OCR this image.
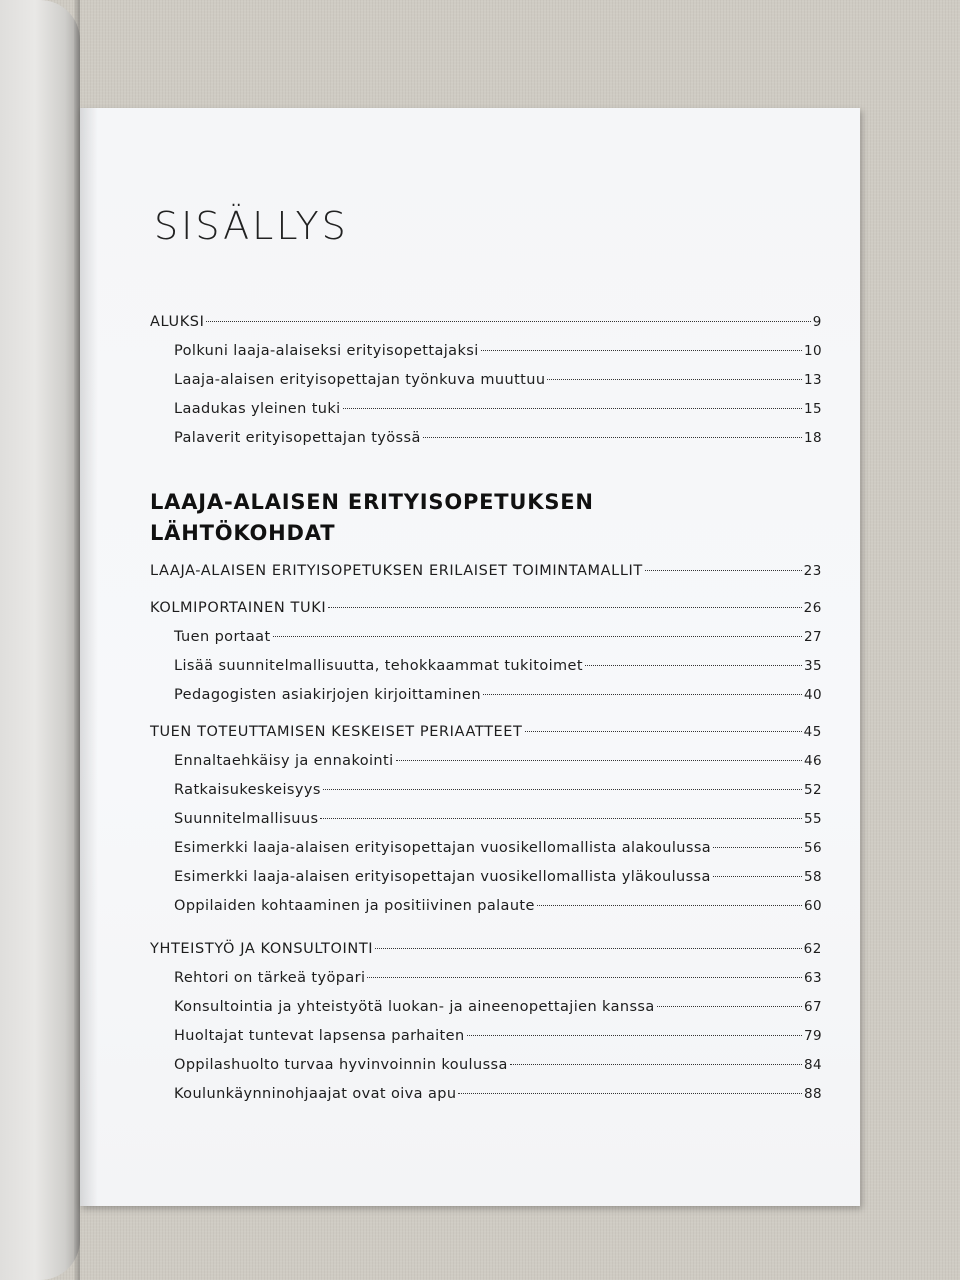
SISÄLLYS
ALUKSI	9
Polkuni laaja-alaiseksi erityisopettajaksi	10
Laaja-alaisen erityisopettajan työnkuva muuttuu	13
Laadukas yleinen tuki	15
Palaverit erityisopettajan työssä	18
LAAJA-ALAISEN ERITYISOPETUKSEN
LÄHTÖKOHDAT
LAAJA-ALAISEN ERITYISOPETUKSEN ERILAISET TOIMINTAMALLIT	23
KOLMIPORTAINEN TUKI	26
Tuen portaat	27
Lisää suunnitelmallisuutta, tehokkaammat tukitoimet	35
Pedagogisten asiakirjojen kirjoittaminen	40
TUEN TOTEUTTAMISEN KESKEISET PERIAATTEET	45
Ennaltaehkäisy ja ennakointi	46
Ratkaisukeskeisyys	52
Suunnitelmallisuus	55
Esimerkki laaja-alaisen erityisopettajan vuosikellomallista alakoulussa	56
Esimerkki laaja-alaisen erityisopettajan vuosikellomallista yläkoulussa	58
Oppilaiden kohtaaminen ja positiivinen palaute	60
YHTEISTYÖ JA KONSULTOINTI	62
Rehtori on tärkeä työpari	63
Konsultointia ja yhteistyötä luokan- ja aineenopettajien kanssa	67
Huoltajat tuntevat lapsensa parhaiten	79
Oppilashuolto turvaa hyvinvoinnin koulussa	84
Koulunkäynninohjaajat ovat oiva apu	88
